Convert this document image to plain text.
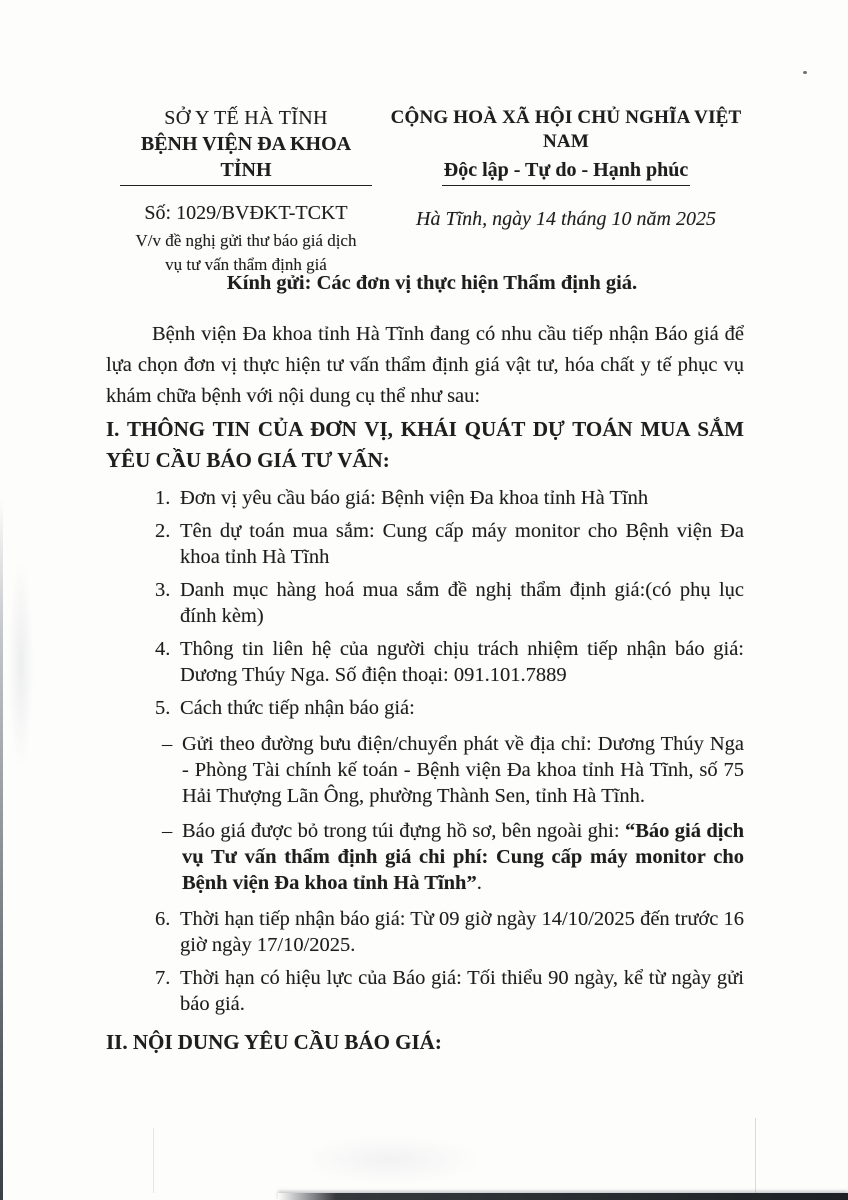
SỞ Y TẾ HÀ TĨNH
BỆNH VIỆN ĐA KHOA TỈNH
Số: 1029/BVĐKT-TCKT
V/v đề nghị gửi thư báo giá dịch
vụ tư vấn thẩm định giá
CỘNG HOÀ XÃ HỘI CHỦ NGHĨA VIỆT NAM
Độc lập - Tự do - Hạnh phúc
Hà Tĩnh, ngày 14 tháng 10 năm 2025
Kính gửi: Các đơn vị thực hiện Thẩm định giá.

Bệnh viện Đa khoa tỉnh Hà Tĩnh đang có nhu cầu tiếp nhận Báo giá để lựa chọn đơn vị thực hiện tư vấn thẩm định giá vật tư, hóa chất y tế phục vụ khám chữa bệnh với nội dung cụ thể như sau:

I. THÔNG TIN CỦA ĐƠN VỊ, KHÁI QUÁT DỰ TOÁN MUA SẮM YÊU CẦU BÁO GIÁ TƯ VẤN:
1. Đơn vị yêu cầu báo giá: Bệnh viện Đa khoa tỉnh Hà Tĩnh
2. Tên dự toán mua sắm: Cung cấp máy monitor cho Bệnh viện Đa khoa tỉnh Hà Tĩnh
3. Danh mục hàng hoá mua sắm đề nghị thẩm định giá:(có phụ lục đính kèm)
4. Thông tin liên hệ của người chịu trách nhiệm tiếp nhận báo giá: Dương Thúy Nga. Số điện thoại: 091.101.7889
5. Cách thức tiếp nhận báo giá:
– Gửi theo đường bưu điện/chuyển phát về địa chỉ: Dương Thúy Nga - Phòng Tài chính kế toán - Bệnh viện Đa khoa tỉnh Hà Tĩnh, số 75 Hải Thượng Lãn Ông, phường Thành Sen, tỉnh Hà Tĩnh.
– Báo giá được bỏ trong túi đựng hồ sơ, bên ngoài ghi: “Báo giá dịch vụ Tư vấn thẩm định giá chi phí: Cung cấp máy monitor cho Bệnh viện Đa khoa tỉnh Hà Tĩnh”.
6. Thời hạn tiếp nhận báo giá: Từ 09 giờ ngày 14/10/2025 đến trước 16 giờ ngày 17/10/2025.
7. Thời hạn có hiệu lực của Báo giá: Tối thiểu 90 ngày, kể từ ngày gửi báo giá.
II. NỘI DUNG YÊU CẦU BÁO GIÁ:
